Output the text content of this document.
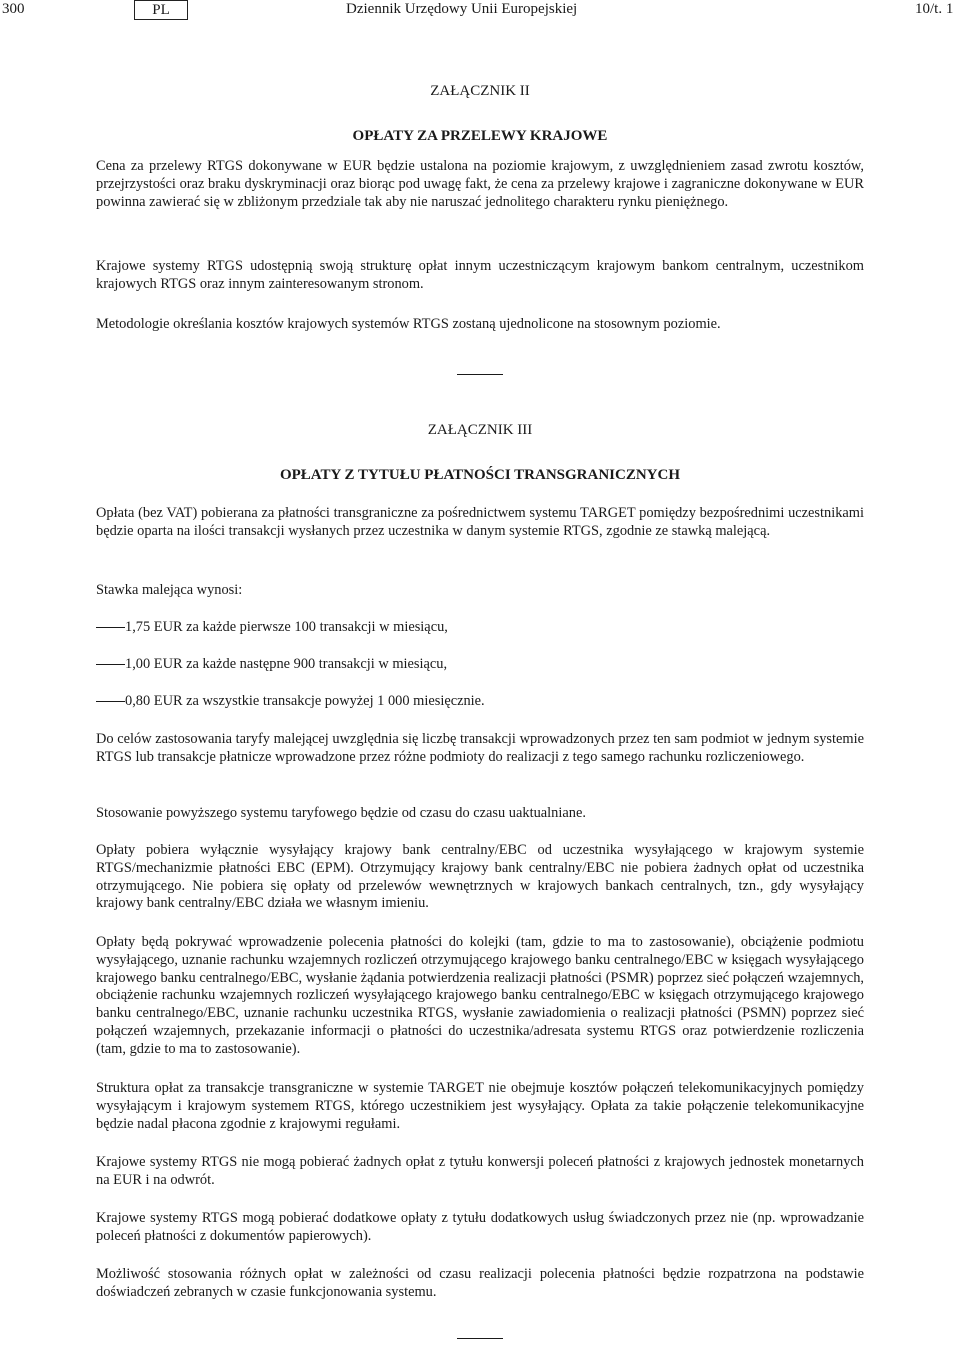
300	PL	Dziennik Urzędowy Unii Europejskiej	10/t. 1
ZAŁĄCZNIK II
OPŁATY ZA PRZELEWY KRAJOWE

Cena za przelewy RTGS dokonywane w EUR będzie ustalona na poziomie krajowym, z uwzględnieniem zasad zwrotu kosztów, przejrzystości oraz braku dyskryminacji oraz biorąc pod uwagę fakt, że cena za przelewy krajowe i zagraniczne dokonywane w EUR powinna zawierać się w zbliżonym przedziale tak aby nie naruszać jednolitego charakteru rynku pieniężnego.

Krajowe systemy RTGS udostępnią swoją strukturę opłat innym uczestniczącym krajowym bankom centralnym, uczestnikom krajowych RTGS oraz innym zainteresowanym stronom.

Metodologie określania kosztów krajowych systemów RTGS zostaną ujednolicone na stosownym poziomie.

ZAŁĄCZNIK III
OPŁATY Z TYTUŁU PŁATNOŚCI TRANSGRANICZNYCH

Opłata (bez VAT) pobierana za płatności transgraniczne za pośrednictwem systemu TARGET pomiędzy bezpośrednimi uczestnikami będzie oparta na ilości transakcji wysłanych przez uczestnika w danym systemie RTGS, zgodnie ze stawką malejącą.

Stawka malejąca wynosi:

1,75 EUR za każde pierwsze 100 transakcji w miesiącu,
1,00 EUR za każde następne 900 transakcji w miesiącu,
0,80 EUR za wszystkie transakcje powyżej 1 000 miesięcznie.

Do celów zastosowania taryfy malejącej uwzględnia się liczbę transakcji wprowadzonych przez ten sam podmiot w jednym systemie RTGS lub transakcje płatnicze wprowadzone przez różne podmioty do realizacji z tego samego rachunku rozliczeniowego.

Stosowanie powyższego systemu taryfowego będzie od czasu do czasu uaktualniane.

Opłaty pobiera wyłącznie wysyłający krajowy bank centralny/EBC od uczestnika wysyłającego w krajowym systemie RTGS/mechanizmie płatności EBC (EPM). Otrzymujący krajowy bank centralny/EBC nie pobiera żadnych opłat od uczestnika otrzymującego. Nie pobiera się opłaty od przelewów wewnętrznych w krajowych bankach centralnych, tzn., gdy wysyłający krajowy bank centralny/EBC działa we własnym imieniu.

Opłaty będą pokrywać wprowadzenie polecenia płatności do kolejki (tam, gdzie to ma to zastosowanie), obciążenie podmiotu wysyłającego, uznanie rachunku wzajemnych rozliczeń otrzymującego krajowego banku centralnego/EBC w księgach wysyłającego krajowego banku centralnego/EBC, wysłanie żądania potwierdzenia realizacji płatności (PSMR) poprzez sieć połączeń wzajemnych, obciążenie rachunku wzajemnych rozliczeń wysyłającego krajowego banku centralnego/EBC w księgach otrzymującego krajowego banku centralnego/EBC, uznanie rachunku uczestnika RTGS, wysłanie zawiadomienia o realizacji płatności (PSMN) poprzez sieć połączeń wzajemnych, przekazanie informacji o płatności do uczestnika/adresata systemu RTGS oraz potwierdzenie rozliczenia (tam, gdzie to ma to zastosowanie).

Struktura opłat za transakcje transgraniczne w systemie TARGET nie obejmuje kosztów połączeń telekomunikacyjnych pomiędzy wysyłającym i krajowym systemem RTGS, którego uczestnikiem jest wysyłający. Opłata za takie połączenie telekomunikacyjne będzie nadal płacona zgodnie z krajowymi regułami.

Krajowe systemy RTGS nie mogą pobierać żadnych opłat z tytułu konwersji poleceń płatności z krajowych jednostek monetarnych na EUR i na odwrót.

Krajowe systemy RTGS mogą pobierać dodatkowe opłaty z tytułu dodatkowych usług świadczonych przez nie (np. wprowadzanie poleceń płatności z dokumentów papierowych).

Możliwość stosowania różnych opłat w zależności od czasu realizacji polecenia płatności będzie rozpatrzona na podstawie doświadczeń zebranych w czasie funkcjonowania systemu.
